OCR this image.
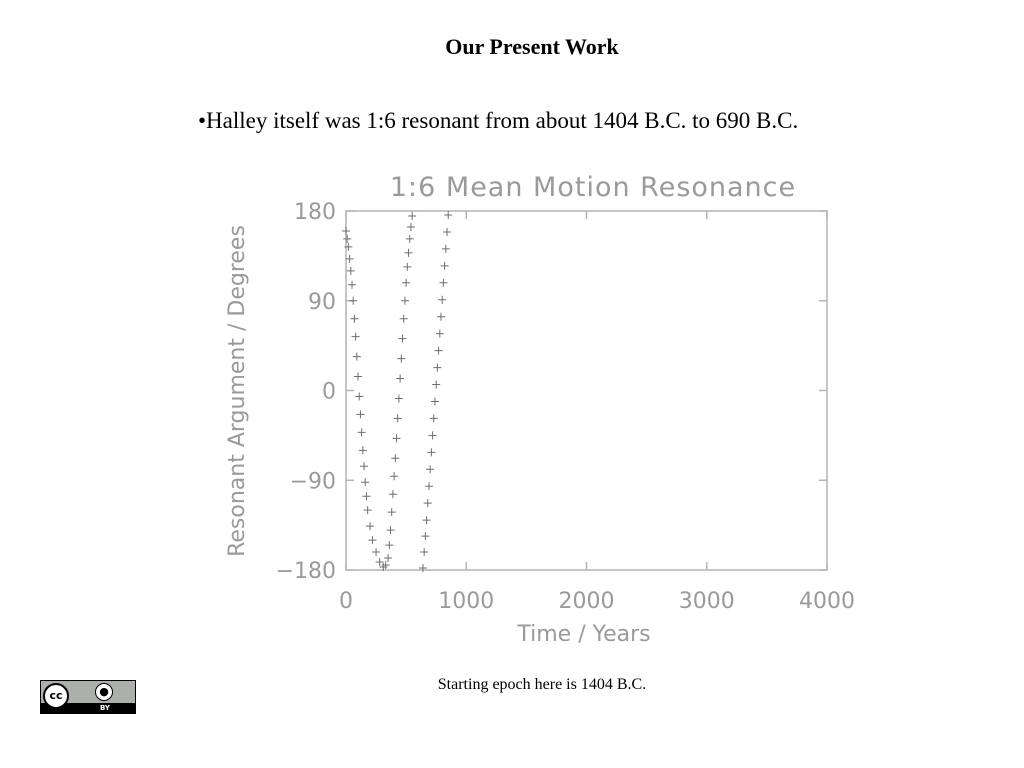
Our Present Work
•Halley itself was 1:6 resonant from about 1404 B.C. to 690 B.C.
1:6 Mean Motion Resonance
Resonant Argument / Degrees
Time / Years
0	1000	2000	3000	4000
180
90
0
−90
−180
Starting epoch here is 1404 B.C.
cc	●
BY
